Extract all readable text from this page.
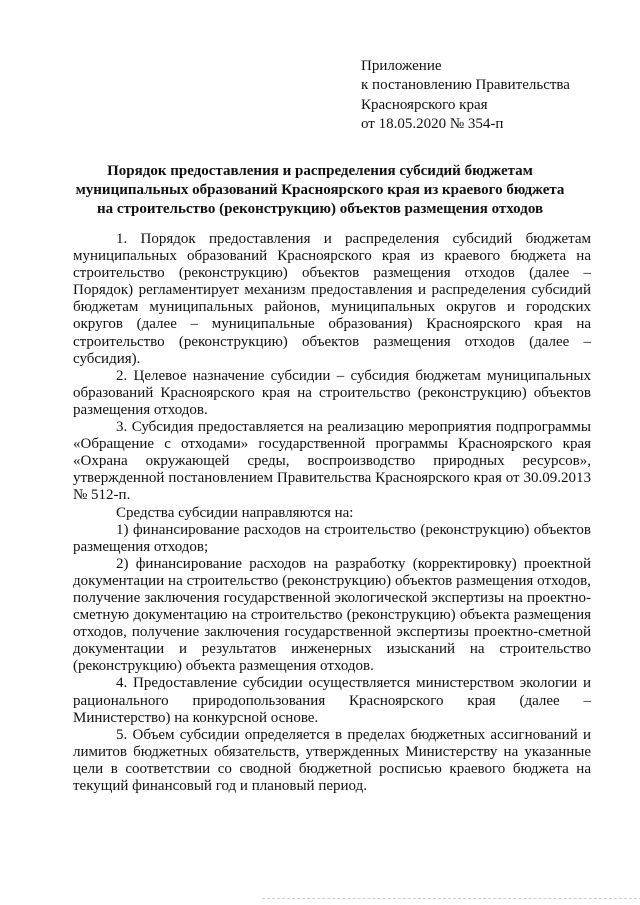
Приложение
к постановлению Правительства
Красноярского края
от 18.05.2020 № 354-п
Порядок предоставления и распределения субсидий бюджетам
муниципальных образований Красноярского края из краевого бюджета
на строительство (реконструкцию) объектов размещения отходов

1. Порядок предоставления и распределения субсидий бюджетам муниципальных образований Красноярского края из краевого бюджета на строительство (реконструкцию) объектов размещения отходов (далее – Порядок) регламентирует механизм предоставления и распределения субсидий бюджетам муниципальных районов, муниципальных округов и городских округов (далее – муниципальные образования) Красноярского края на строительство (реконструкцию) объектов размещения отходов (далее – субсидия).

2. Целевое назначение субсидии – субсидия бюджетам муниципальных образований Красноярского края на строительство (реконструкцию) объектов размещения отходов.

3. Субсидия предоставляется на реализацию мероприятия подпрограммы «Обращение с отходами» государственной программы Красноярского края «Охрана окружающей среды, воспроизводство природных ресурсов», утвержденной постановлением Правительства Красноярского края от 30.09.2013 № 512-п.

Средства субсидии направляются на:

1) финансирование расходов на строительство (реконструкцию) объектов размещения отходов;

2) финансирование расходов на разработку (корректировку) проектной документации на строительство (реконструкцию) объектов размещения отходов, получение заключения государственной экологической экспертизы на проектно-сметную документацию на строительство (реконструкцию) объекта размещения отходов, получение заключения государственной экспертизы проектно-сметной документации и результатов инженерных изысканий на строительство (реконструкцию) объекта размещения отходов.

4. Предоставление субсидии осуществляется министерством экологии и рационального природопользования Красноярского края (далее – Министерство) на конкурсной основе.

5. Объем субсидии определяется в пределах бюджетных ассигнований и лимитов бюджетных обязательств, утвержденных Министерству на указанные цели в соответствии со сводной бюджетной росписью краевого бюджета на текущий финансовый год и плановый период.
